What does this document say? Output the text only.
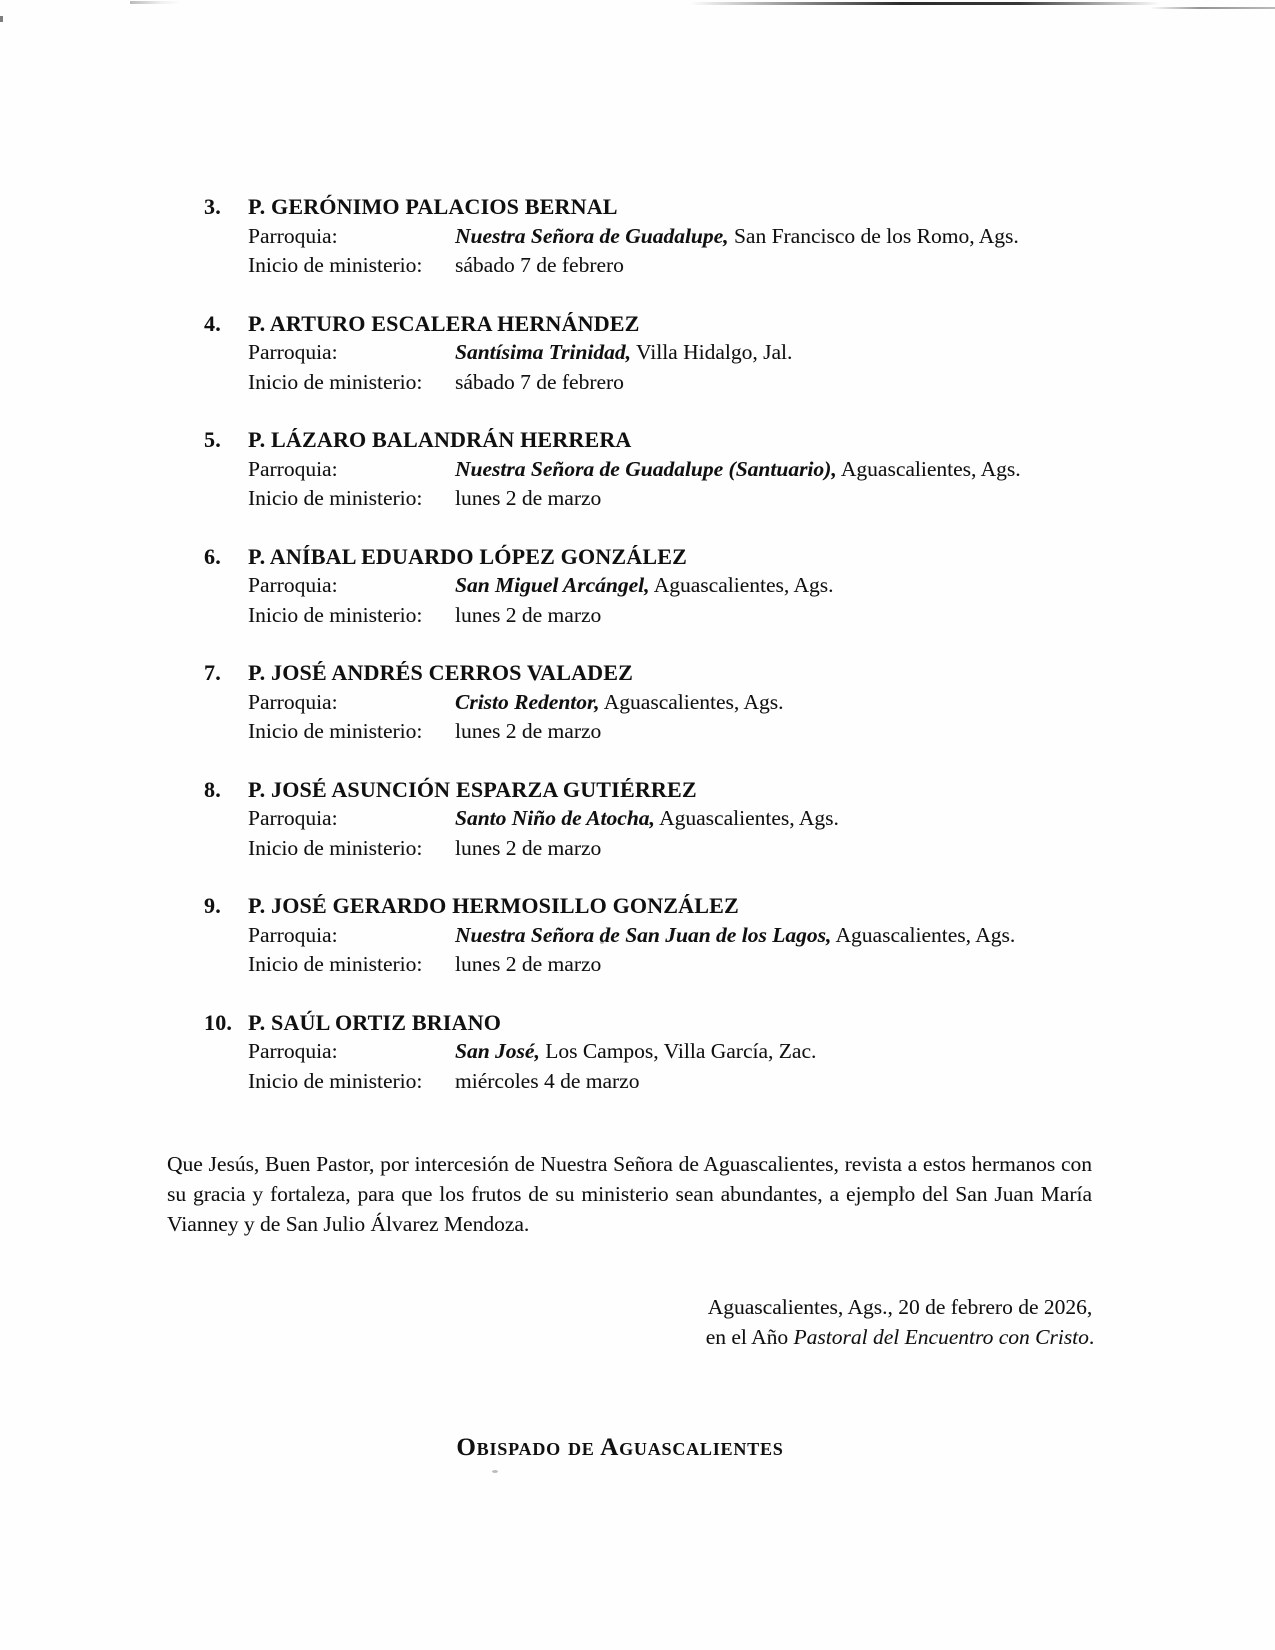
3.	P. GERÓNIMO PALACIOS BERNAL
Parroquia:	Nuestra Señora de Guadalupe, San Francisco de los Romo, Ags.
Inicio de ministerio:	sábado 7 de febrero
4.	P. ARTURO ESCALERA HERNÁNDEZ
Parroquia:	Santísima Trinidad, Villa Hidalgo, Jal.
Inicio de ministerio:	sábado 7 de febrero
5.	P. LÁZARO BALANDRÁN HERRERA
Parroquia:	Nuestra Señora de Guadalupe (Santuario), Aguascalientes, Ags.
Inicio de ministerio:	lunes 2 de marzo
6.	P. ANÍBAL EDUARDO LÓPEZ GONZÁLEZ
Parroquia:	San Miguel Arcángel, Aguascalientes, Ags.
Inicio de ministerio:	lunes 2 de marzo
7.	P. JOSÉ ANDRÉS CERROS VALADEZ
Parroquia:	Cristo Redentor, Aguascalientes, Ags.
Inicio de ministerio:	lunes 2 de marzo
8.	P. JOSÉ ASUNCIÓN ESPARZA GUTIÉRREZ
Parroquia:	Santo Niño de Atocha, Aguascalientes, Ags.
Inicio de ministerio:	lunes 2 de marzo
9.	P. JOSÉ GERARDO HERMOSILLO GONZÁLEZ
Parroquia:	Nuestra Señora de San Juan de los Lagos, Aguascalientes, Ags.
Inicio de ministerio:	lunes 2 de marzo
10. P. SAÚL ORTIZ BRIANO
Parroquia:	San José, Los Campos, Villa García, Zac.
Inicio de ministerio:	miércoles 4 de marzo

Que Jesús, Buen Pastor, por intercesión de Nuestra Señora de Aguascalientes, revista a estos hermanos con su gracia y fortaleza, para que los frutos de su ministerio sean abundantes, a ejemplo del San Juan María Vianney y de San Julio Álvarez Mendoza.

Aguascalientes, Ags., 20 de febrero de 2026,
en el Año Pastoral del Encuentro con Cristo.
Obispado de Aguascalientes
